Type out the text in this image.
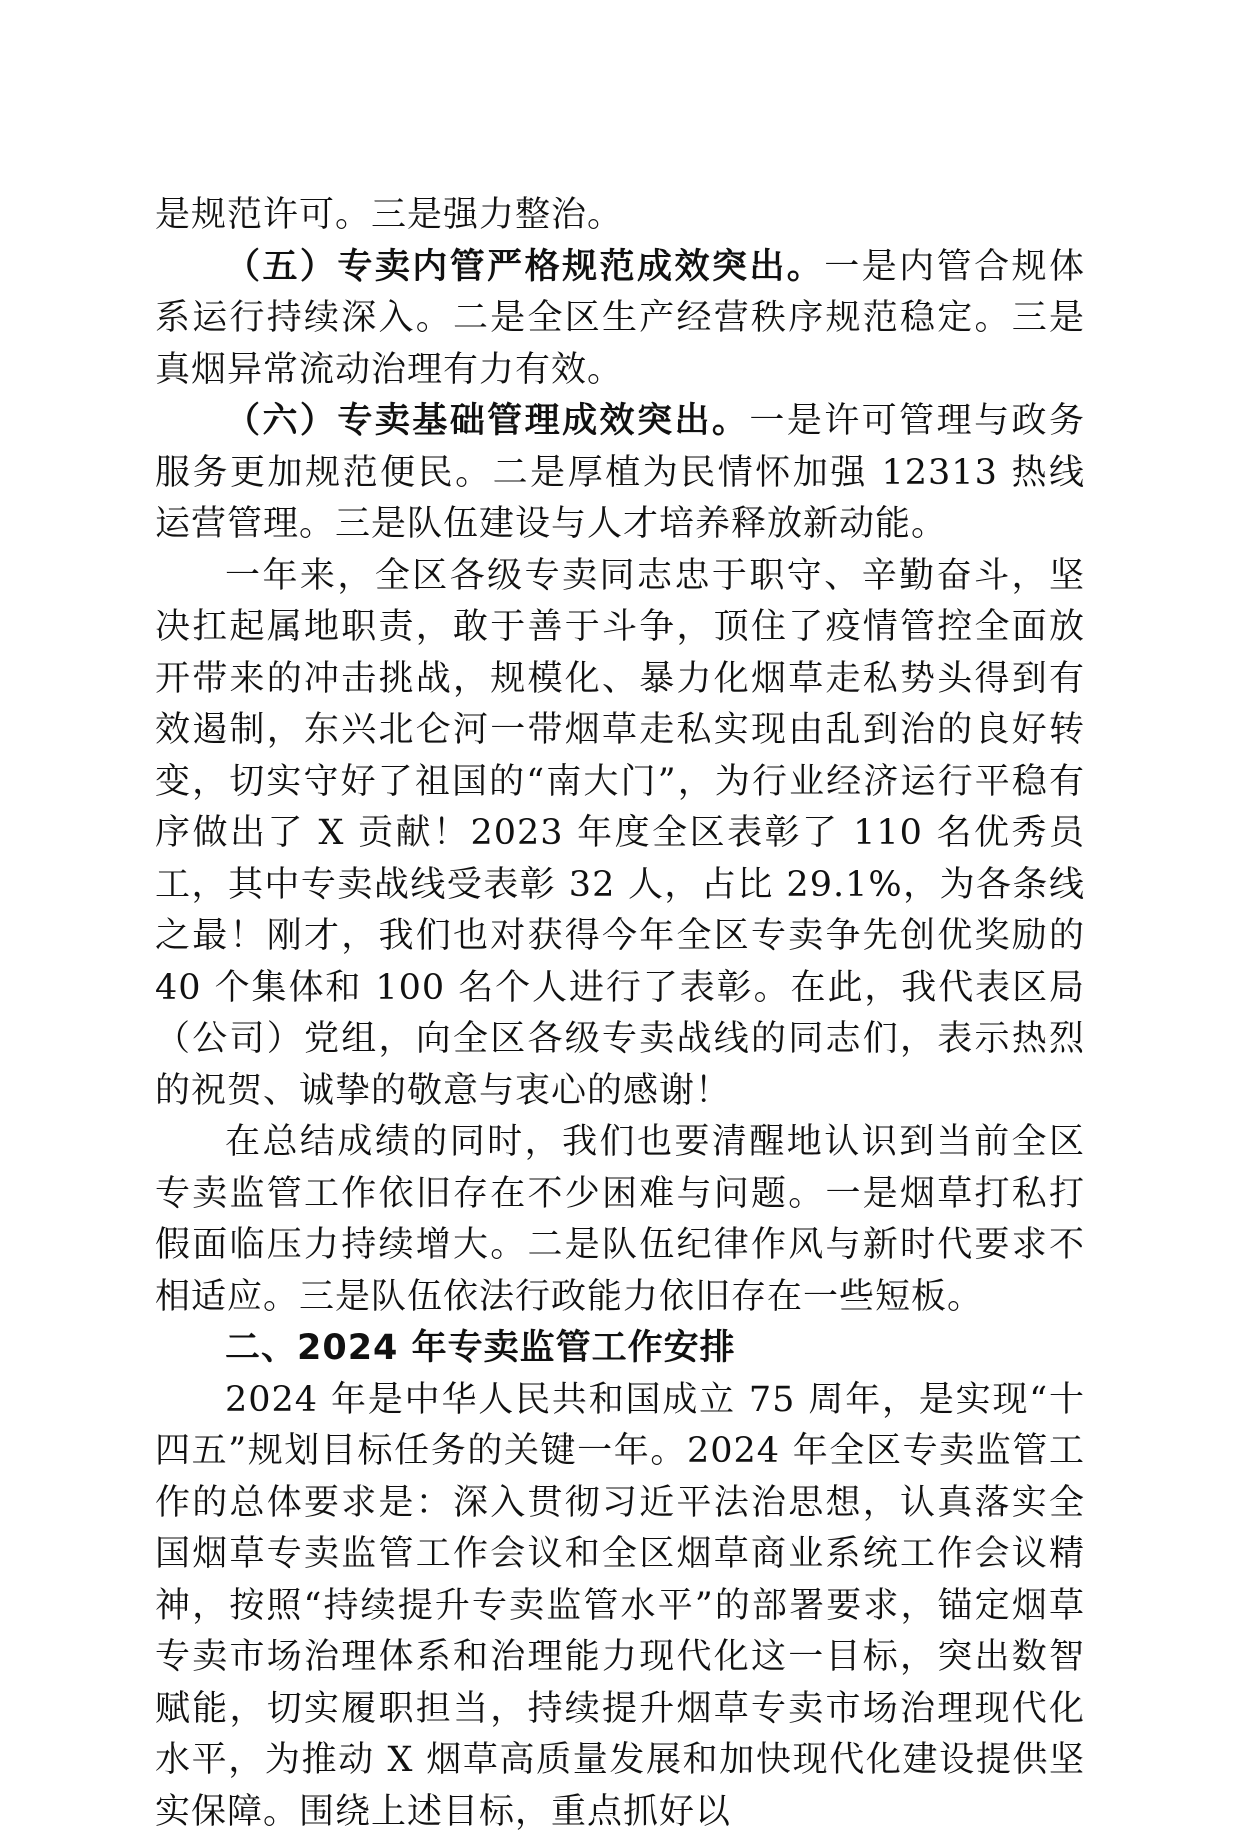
是规范许可。三是强力整治。

（五）专卖内管严格规范成效突出。一是内管合规体系运行持续深入。二是全区生产经营秩序规范稳定。三是真烟异常流动治理有力有效。

（六）专卖基础管理成效突出。一是许可管理与政务服务更加规范便民。二是厚植为民情怀加强 12313 热线运营管理。三是队伍建设与人才培养释放新动能。

一年来，全区各级专卖同志忠于职守、辛勤奋斗，坚决扛起属地职责，敢于善于斗争，顶住了疫情管控全面放开带来的冲击挑战，规模化、暴力化烟草走私势头得到有效遏制，东兴北仑河一带烟草走私实现由乱到治的良好转变，切实守好了祖国的“南大门”，为行业经济运行平稳有序做出了 X 贡献！2023 年度全区表彰了 110 名优秀员工，其中专卖战线受表彰 32 人，占比 29.1%，为各条线之最！刚才，我们也对获得今年全区专卖争先创优奖励的 40 个集体和 100 名个人进行了表彰。在此，我代表区局（公司）党组，向全区各级专卖战线的同志们，表示热烈的祝贺、诚挚的敬意与衷心的感谢！

在总结成绩的同时，我们也要清醒地认识到当前全区专卖监管工作依旧存在不少困难与问题。一是烟草打私打假面临压力持续增大。二是队伍纪律作风与新时代要求不相适应。三是队伍依法行政能力依旧存在一些短板。

二、2024 年专卖监管工作安排

2024 年是中华人民共和国成立 75 周年，是实现“十四五”规划目标任务的关键一年。2024 年全区专卖监管工作的总体要求是：深入贯彻习近平法治思想，认真落实全国烟草专卖监管工作会议和全区烟草商业系统工作会议精神，按照“持续提升专卖监管水平”的部署要求，锚定烟草专卖市场治理体系和治理能力现代化这一目标，突出数智赋能，切实履职担当，持续提升烟草专卖市场治理现代化水平，为推动 X 烟草高质量发展和加快现代化建设提供坚实保障。围绕上述目标，重点抓好以
